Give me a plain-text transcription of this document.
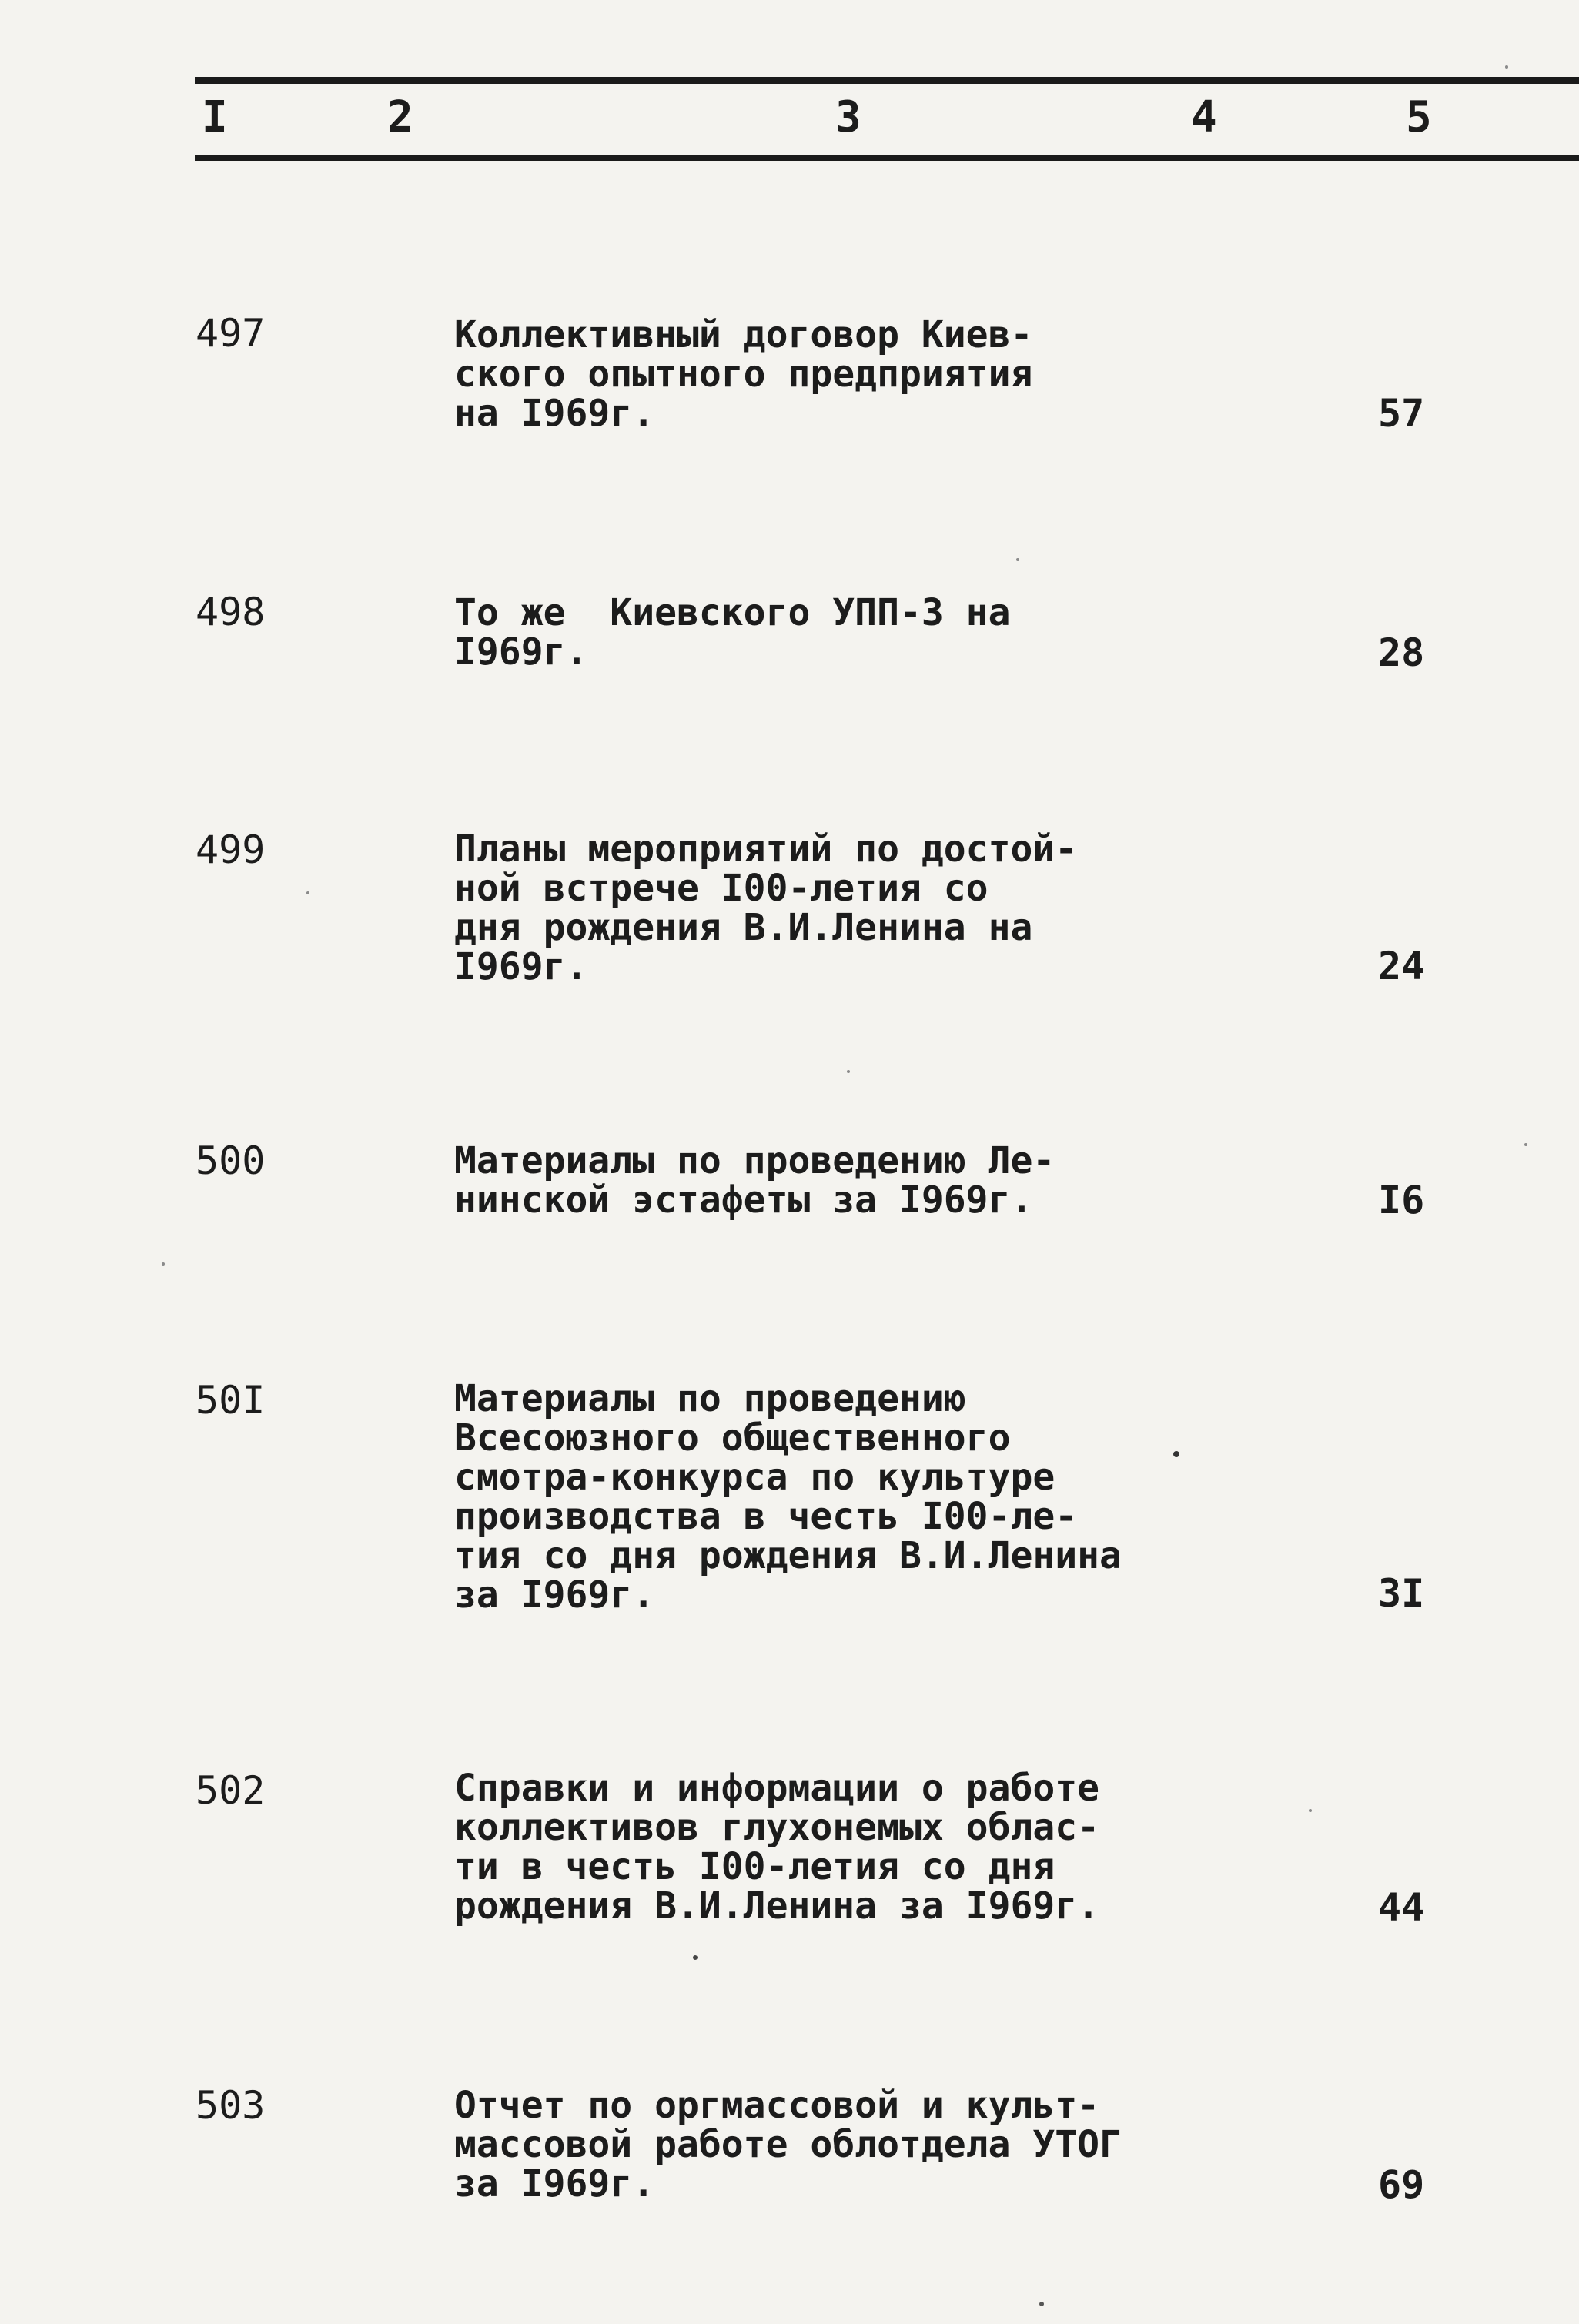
I	2	3	4	5
497	Коллективный договор Киев-
ского опытного предприятия
на I969г.	57
498	То же  Киевского УПП-3 на
I969г.	28
499	Планы мероприятий по достой-
ной встрече I00-летия со
дня рождения В.И.Ленина на
I969г.	24
500	Материалы по проведению Ле-
нинской эстафеты за I969г.	I6
50I	Материалы по проведению
Всесоюзного общественного
смотра-конкурса по культуре
производства в честь I00-ле-
тия со дня рождения В.И.Ленина
за I969г.	3I
502	Справки и информации о работе
коллективов глухонемых облас-
ти в честь I00-летия со дня
рождения В.И.Ленина за I969г.	44
503	Отчет по оргмассовой и культ-
массовой работе облотдела УТОГ
за I969г.	69
